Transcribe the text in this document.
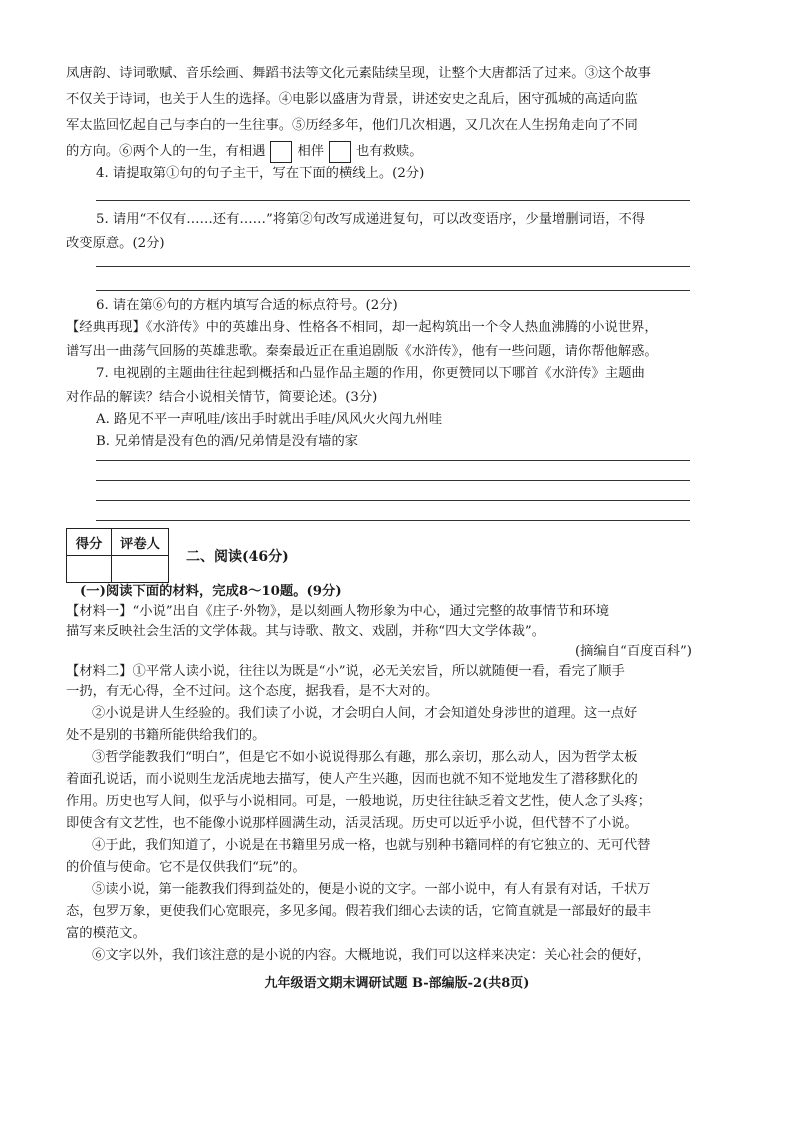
凤唐韵、诗词歌赋、音乐绘画、舞蹈书法等文化元素陆续呈现，让整个大唐都活了过来。③这个故事

不仅关于诗词，也关于人生的选择。④电影以盛唐为背景，讲述安史之乱后，困守孤城的高适向监

军太监回忆起自己与李白的一生往事。⑤历经多年，他们几次相遇，又几次在人生拐角走向了不同

的方向。⑥两个人的一生，有相遇 相伴 也有救赎。

4. 请提取第①句的句子主干，写在下面的横线上。(2分)

5. 请用“不仅有……还有……”将第②句改写成递进复句，可以改变语序，少量增删词语，不得

改变原意。(2分)

6. 请在第⑥句的方框内填写合适的标点符号。(2分)

【经典再现】《水浒传》中的英雄出身、性格各不相同，却一起构筑出一个令人热血沸腾的小说世界，

谱写出一曲荡气回肠的英雄悲歌。秦秦最近正在重追剧版《水浒传》，他有一些问题，请你帮他解惑。

7. 电视剧的主题曲往往起到概括和凸显作品主题的作用，你更赞同以下哪首《水浒传》主题曲

对作品的解读？结合小说相关情节，简要论述。(3分)

A. 路见不平一声吼哇/该出手时就出手哇/风风火火闯九州哇

B. 兄弟情是没有色的酒/兄弟情是没有墙的家

得分	评卷人

二、阅读(46分)

(一)阅读下面的材料，完成8～10题。(9分)

【材料一】“小说”出自《庄子·外物》，是以刻画人物形象为中心，通过完整的故事情节和环境

描写来反映社会生活的文学体裁。其与诗歌、散文、戏剧，并称“四大文学体裁”。

(摘编自“百度百科”)

【材料二】①平常人读小说，往往以为既是“小”说，必无关宏旨，所以就随便一看，看完了顺手

一扔，有无心得，全不过问。这个态度，据我看，是不大对的。

②小说是讲人生经验的。我们读了小说，才会明白人间，才会知道处身涉世的道理。这一点好

处不是别的书籍所能供给我们的。

③哲学能教我们“明白”，但是它不如小说说得那么有趣，那么亲切，那么动人，因为哲学太板

着面孔说话，而小说则生龙活虎地去描写，使人产生兴趣，因而也就不知不觉地发生了潜移默化的

作用。历史也写人间，似乎与小说相同。可是，一般地说，历史往往缺乏着文艺性，使人念了头疼；

即使含有文艺性，也不能像小说那样圆满生动，活灵活现。历史可以近乎小说，但代替不了小说。

④于此，我们知道了，小说是在书籍里另成一格，也就与别种书籍同样的有它独立的、无可代替

的价值与使命。它不是仅供我们“玩”的。

⑤读小说，第一能教我们得到益处的，便是小说的文字。一部小说中，有人有景有对话，千状万

态，包罗万象，更使我们心宽眼亮，多见多闻。假若我们细心去读的话，它简直就是一部最好的最丰

富的模范文。

⑥文字以外，我们该注意的是小说的内容。大概地说，我们可以这样来决定：关心社会的便好，

九年级语文期末调研试题 B-部编版-2(共8页)
